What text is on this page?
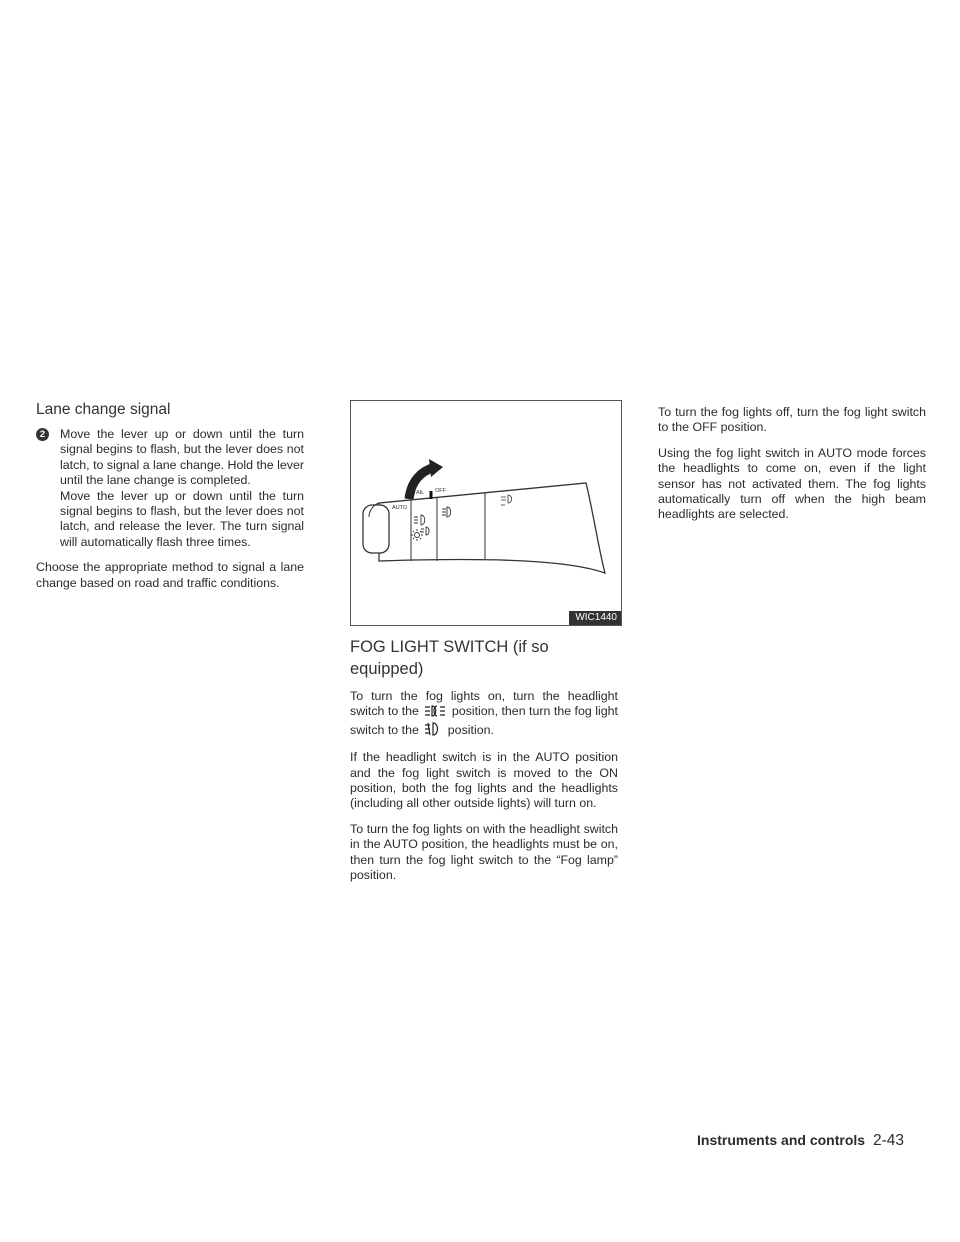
Lane change signal
2	Move the lever up or down until the turn signal begins to flash, but the lever does not latch, to signal a lane change. Hold the lever until the lane change is completed.

Move the lever up or down until the turn signal begins to flash, but the lever does not latch, and release the lever. The turn signal will automatically flash three times.

Choose the appropriate method to signal a lane change based on road and traffic conditions.

TAIL OFF
AUTO
WIC1440
FOG LIGHT SWITCH (if so equipped)

To turn the fog lights on, turn the headlight switch to the	position, then turn the fog light switch to the position.

If the headlight switch is in the AUTO position and the fog light switch is moved to the ON position, both the fog lights and the headlights (including all other outside lights) will turn on.

To turn the fog lights on with the headlight switch in the AUTO position, the headlights must be on, then turn the fog light switch to the “Fog lamp” position.

To turn the fog lights off, turn the fog light switch to the OFF position.

Using the fog light switch in AUTO mode forces the headlights to come on, even if the light sensor has not activated them. The fog lights automatically turn off when the high beam headlights are selected.

Instruments and controls 2-43
